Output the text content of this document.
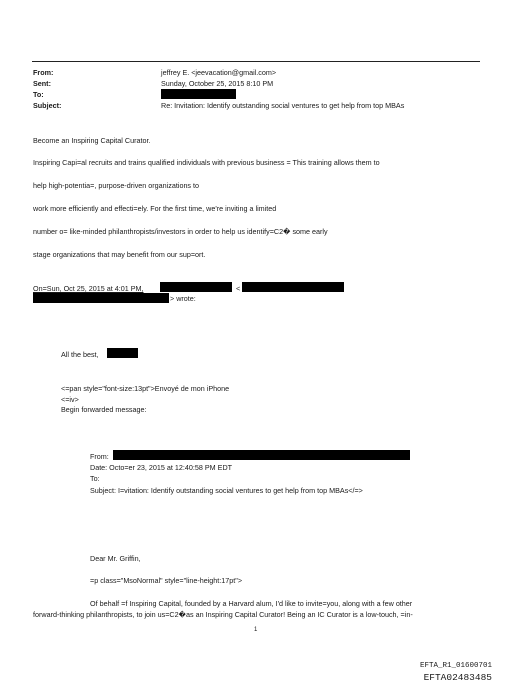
From:	jeffrey E. <jeevacation@gmail.com>
Sent:	Sunday, October 25, 2015 8:10 PM
To:
Subject:	Re: Invitation: Identify outstanding social ventures to get help from top MBAs
Become an Inspiring Capital Curator.
Inspiring Capi=al recruits and trains qualified individuals with previous business = This training allows them to
help high-potentia=, purpose-driven organizations to
work more efficiently and effecti=ely. For the first time, we're inviting a limited
number o= like-minded philanthropists/investors in order to help us identify=C2� some early
stage organizations that may benefit from our sup=ort.
On=Sun, Oct 25, 2015 at 4:01 PM,	<
> wrote:
All the best,
<=pan style="font-size:13pt">Envoyé de mon iPhone
<=iv>
Begin forwarded message:
From:
Date: Octo=er 23, 2015 at 12:40:58 PM EDT
To:
Subject: I=vitation: Identify outstanding social ventures to get help from top MBAs</=>
Dear Mr. Griffin,
=p class="MsoNormal" style="line-height:17pt">
Of behalf =f Inspiring Capital, founded by a Harvard alum, I'd like to invite=you, along with a few other
forward-thinking philanthropists, to join us=C2�as an Inspiring Capital Curator! Being an IC Curator is a low-touch, =in-
1
EFTA_R1_01600701
EFTA02483485
